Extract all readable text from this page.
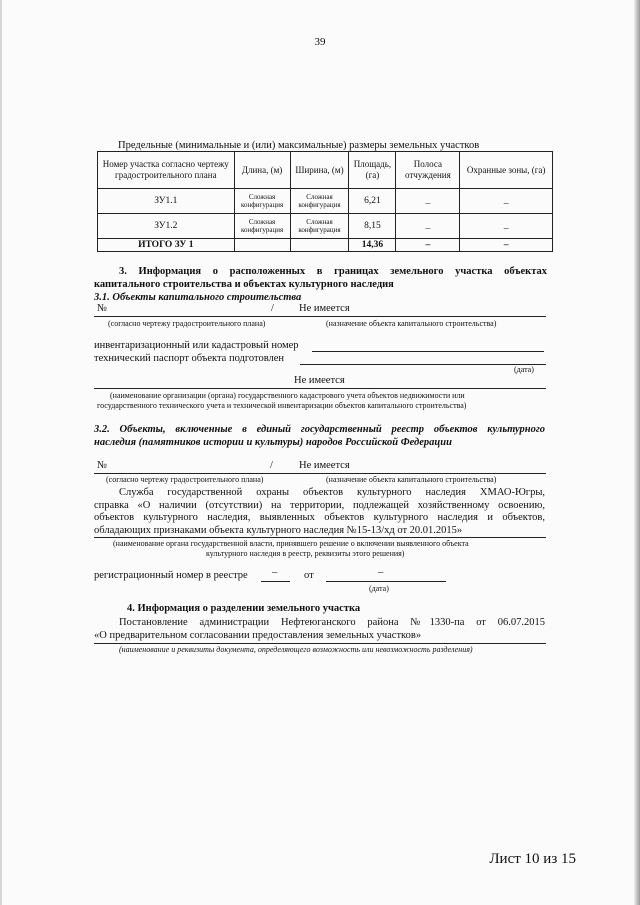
39
Предельные (минимальные и (или) максимальные) размеры земельных участков
Номер участка согласно чертежу градостроительного плана	Длина, (м)	Ширина, (м)	Площадь, (га)	Полоса отчуждения	Охранные зоны, (га)
ЗУ1.1	Сложная конфигурация	Сложная конфигурация	6,21	_	_
ЗУ1.2	Сложная конфигурация	Сложная конфигурация	8,15	_	_
ИТОГО ЗУ 1			14,36	–	–
3. Информация о расположенных в границах земельного участка объектах
капитального строительства и объектах культурного наследия
3.1. Объекты капитального строительства
№	/ Не имеется
(согласно чертежу градостроительного плана)	(назначение объекта капитального строительства)
инвентаризационный или кадастровый номер
технический паспорт объекта подготовлен
(дата)
Не имеется
(наименование организации (органа) государственного кадастрового учета объектов недвижимости или
государственного технического учета и технической инвентаризации объектов капитального строительства)
3.2. Объекты, включенные в единый государственный реестр объектов культурного
наследия (памятников истории и культуры) народов Российской Федерации
№	/ Не имеется
(согласно чертежу градостроительного плана)	(назначение объекта капитального строительства)
Служба государственной охраны объектов культурного наследия ХМАО-Югры,
справка «О наличии (отсутствии) на территории, подлежащей хозяйственному освоению,
объектов культурного наследия, выявленных объектов культурного наследия и объектов,
обладающих признаками объекта культурного наследия №15-13/хд от 20.01.2015»
(наименование органа государственной власти, принявшего решение о включении выявленного объекта
культурного наследия в реестр, реквизиты этого решения)
регистрационный номер в реестре –	от	–
(дата)
4. Информация о разделении земельного участка
Постановление администрации Нефтеюганского района №1330-па от 06.07.2015
«О предварительном согласовании предоставления земельных участков»
(наименование и реквизиты документа, определяющего возможность или невозможность разделения)
Лист 10 из 15
